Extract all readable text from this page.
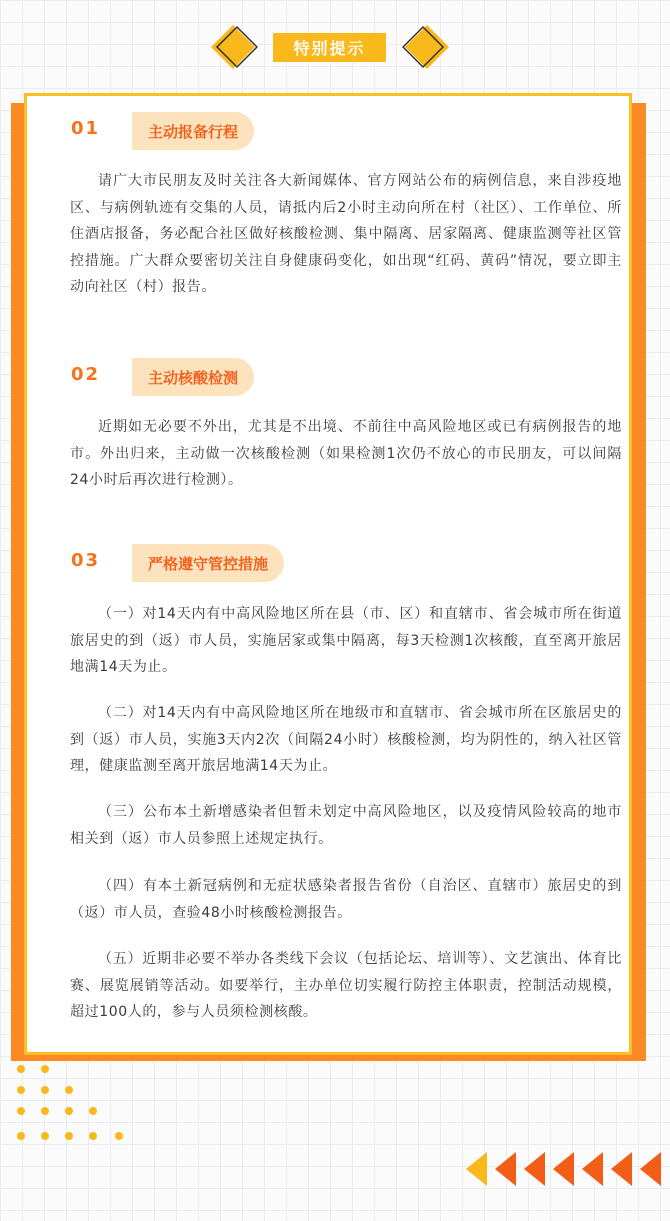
特别提示
01	主动报备行程
请广大市民朋友及时关注各大新闻媒体、官方网站公布的病例信息，来自涉疫地区、与病例轨迹有交集的人员，请抵内后2小时主动向所在村（社区）、工作单位、所住酒店报备，务必配合社区做好核酸检测、集中隔离、居家隔离、健康监测等社区管控措施。广大群众要密切关注自身健康码变化，如出现“红码、黄码”情况，要立即主动向社区（村）报告。
02	主动核酸检测
近期如无必要不外出，尤其是不出境、不前往中高风险地区或已有病例报告的地市。外出归来，主动做一次核酸检测（如果检测1次仍不放心的市民朋友，可以间隔24小时后再次进行检测）。
03	严格遵守管控措施
（一）对14天内有中高风险地区所在县（市、区）和直辖市、省会城市所在街道旅居史的到（返）市人员，实施居家或集中隔离，每3天检测1次核酸，直至离开旅居地满14天为止。
（二）对14天内有中高风险地区所在地级市和直辖市、省会城市所在区旅居史的到（返）市人员，实施3天内2次（间隔24小时）核酸检测，均为阴性的，纳入社区管理，健康监测至离开旅居地满14天为止。
（三）公布本土新增感染者但暂未划定中高风险地区，以及疫情风险较高的地市相关到（返）市人员参照上述规定执行。
（四）有本土新冠病例和无症状感染者报告省份（自治区、直辖市）旅居史的到（返）市人员，查验48小时核酸检测报告。
（五）近期非必要不举办各类线下会议（包括论坛、培训等）、文艺演出、体育比赛、展览展销等活动。如要举行，主办单位切实履行防控主体职责，控制活动规模，超过100人的，参与人员须检测核酸。
